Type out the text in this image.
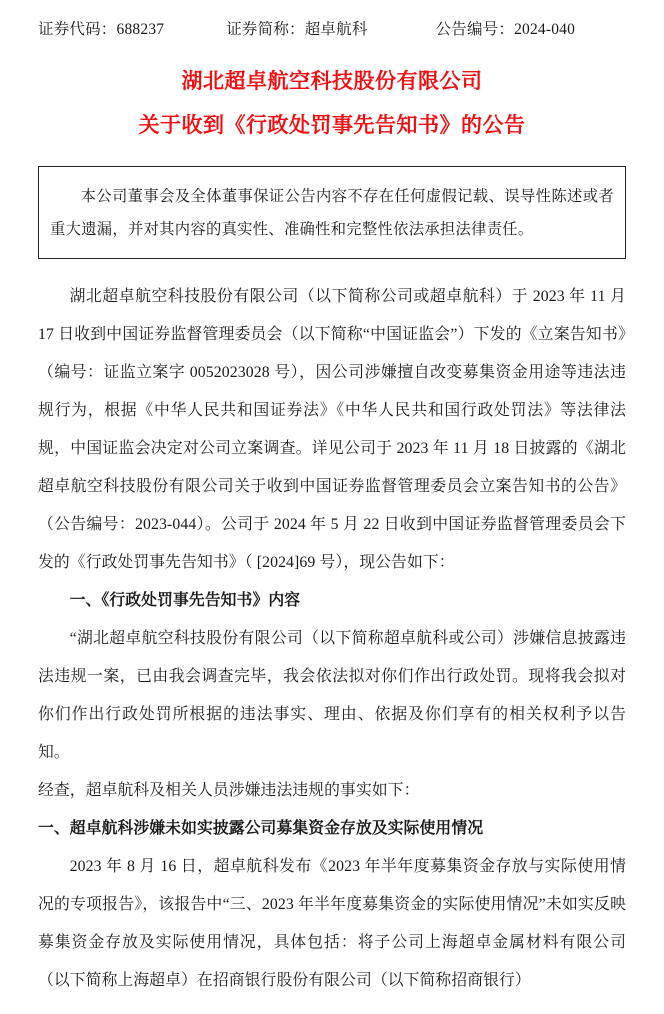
证券代码：688237	证券简称：超卓航科	公告编号：2024-040
湖北超卓航空科技股份有限公司
关于收到《行政处罚事先告知书》的公告

本公司董事会及全体董事保证公告内容不存在任何虚假记载、误导性陈述或者重大遗漏，并对其内容的真实性、准确性和完整性依法承担法律责任。

湖北超卓航空科技股份有限公司（以下简称公司或超卓航科）于 2023 年 11 月 17 日收到中国证券监督管理委员会（以下简称“中国证监会”）下发的《立案告知书》（编号：证监立案字 0052023028 号），因公司涉嫌擅自改变募集资金用途等违法违规行为，根据《中华人民共和国证券法》《中华人民共和国行政处罚法》等法律法规，中国证监会决定对公司立案调查。详见公司于 2023 年 11 月 18 日披露的《湖北超卓航空科技股份有限公司关于收到中国证券监督管理委员会立案告知书的公告》（公告编号：2023-044）。公司于 2024 年 5 月 22 日收到中国证券监督管理委员会下发的《行政处罚事先告知书》（ [2024]69 号），现公告如下：

一、《行政处罚事先告知书》内容

“湖北超卓航空科技股份有限公司（以下简称超卓航科或公司）涉嫌信息披露违法违规一案，已由我会调查完毕，我会依法拟对你们作出行政处罚。现将我会拟对你们作出行政处罚所根据的违法事实、理由、依据及你们享有的相关权利予以告知。

经查，超卓航科及相关人员涉嫌违法违规的事实如下：

一、超卓航科涉嫌未如实披露公司募集资金存放及实际使用情况

2023 年 8 月 16 日，超卓航科发布《2023 年半年度募集资金存放与实际使用情况的专项报告》，该报告中“三、2023 年半年度募集资金的实际使用情况”未如实反映募集资金存放及实际使用情况，具体包括：将子公司上海超卓金属材料有限公司（以下简称上海超卓）在招商银行股份有限公司（以下简称招商银行）
